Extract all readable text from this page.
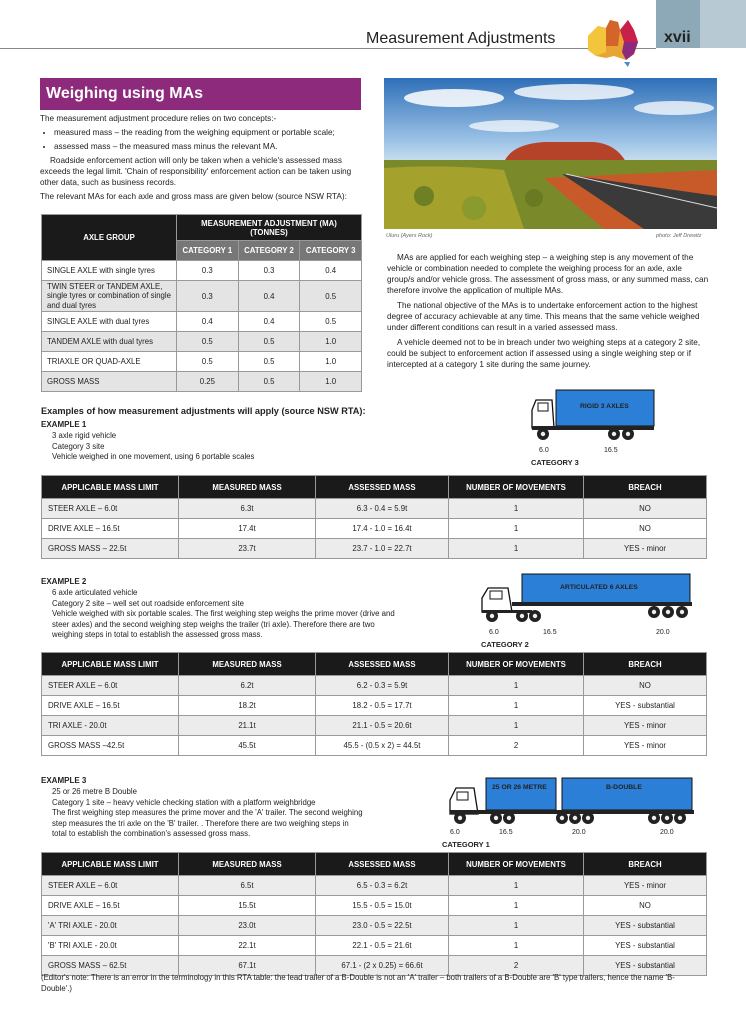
Measurement Adjustments	xvii
Weighing using MAs

The measurement adjustment procedure relies on two concepts:-

• measured mass – the reading from the weighing equipment or portable scale;
• assessed mass – the measured mass minus the relevant MA.

Roadside enforcement action will only be taken when a vehicle's assessed mass exceeds the legal limit. 'Chain of responsibility' enforcement action can be taken using other data, such as business records.

The relevant MAs for each axle and gross mass are given below (source NSW RTA):

AXLE GROUP	MEASUREMENT ADJUSTMENT (MA) (TONNES)		
	CATEGORY 1	CATEGORY 2	CATEGORY 3
SINGLE AXLE with single tyres	0.3	0.3	0.4
TWIN STEER or TANDEM AXLE, single tyres or combination of single and dual tyres	0.3	0.4	0.5
SINGLE AXLE with dual tyres	0.4	0.4	0.5
TANDEM AXLE with dual tyres	0.5	0.5	1.0
TRIAXLE OR QUAD-AXLE	0.5	0.5	1.0
GROSS MASS	0.25	0.5	1.0
Uluru (Ayers Rock)	photo: Jeff Drewitz

MAs are applied for each weighing step – a weighing step is any movement of the vehicle or combination needed to complete the weighing process for an axle, axle group/s and/or vehicle gross. The assessment of gross mass, or any summed mass, can therefore involve the application of multiple MAs.

The national objective of the MAs is to undertake enforcement action to the highest degree of accuracy achievable at any time. This means that the same vehicle weighed under different conditions can result in a varied assessed mass.

A vehicle deemed not to be in breach under two weighing steps at a category 2 site, could be subject to enforcement action if assessed using a single weighing step or if intercepted at a category 1 site during the same journey.

Examples of how measurement adjustments will apply (source NSW RTA):
EXAMPLE 1
3 axle rigid vehicle
Category 3 site
Vehicle weighed in one movement, using 6 portable scales
RIGID 3 AXLES
6.0	16.5
CATEGORY 3
APPLICABLE MASS LIMIT	MEASURED MASS	ASSESSED MASS	NUMBER OF MOVEMENTS	BREACH
STEER AXLE – 6.0t	6.3t	6.3 - 0.4 = 5.9t	1	NO
DRIVE AXLE – 16.5t	17.4t	17.4 - 1.0 = 16.4t	1	NO
GROSS MASS – 22.5t	23.7t	23.7 - 1.0 = 22.7t	1	YES - minor
EXAMPLE 2
6 axle articulated vehicle
Category 2 site – well set out roadside enforcement site
Vehicle weighed with six portable scales. The first weighing step weighs the prime mover (drive and
steer axles) and the second weighing step weighs the trailer (tri axle). Therefore there are two
weighing steps in total to establish the assessed gross mass.
ARTICULATED 6 AXLES
6.0	16.5	20.0
CATEGORY 2
APPLICABLE MASS LIMIT	MEASURED MASS	ASSESSED MASS	NUMBER OF MOVEMENTS	BREACH
STEER AXLE – 6.0t	6.2t	6.2 - 0.3 = 5.9t	1	NO
DRIVE AXLE – 16.5t	18.2t	18.2 - 0.5 = 17.7t	1	YES - substantial
TRI AXLE - 20.0t	21.1t	21.1 - 0.5 = 20.6t	1	YES - minor
GROSS MASS –42.5t	45.5t	45.5 - (0.5 x 2) = 44.5t	2	YES - minor
EXAMPLE 3
25 or 26 metre B Double
Category 1 site – heavy vehicle checking station with a platform weighbridge
The first weighing step measures the prime mover and the 'A' trailer. The second weighing
step measures the tri axle on the 'B' trailer. . Therefore there are two weighing steps in
total to establish the combination's assessed gross mass.
25 OR 26 METRE	B-DOUBLE
6.0	16.5	20.0	20.0
CATEGORY 1
APPLICABLE MASS LIMIT	MEASURED MASS	ASSESSED MASS	NUMBER OF MOVEMENTS	BREACH
STEER AXLE – 6.0t	6.5t	6.5 - 0.3 = 6.2t	1	YES - minor
DRIVE AXLE – 16.5t	15.5t	15.5 - 0.5 = 15.0t	1	NO
'A' TRI AXLE - 20.0t	23.0t	23.0 - 0.5 = 22.5t	1	YES - substantial
'B' TRI AXLE - 20.0t	22.1t	22.1 - 0.5 = 21.6t	1	YES - substantial
GROSS MASS – 62.5t	67.1t	67.1 - (2 x 0.25) = 66.6t	2	YES - substantial
(Editor's note: There is an error in the terminology in this RTA table: the lead trailer of a B-Double is not an 'A' trailer – both trailers of a B-Double are 'B' type trailers, hence the name 'B-Double'.)
